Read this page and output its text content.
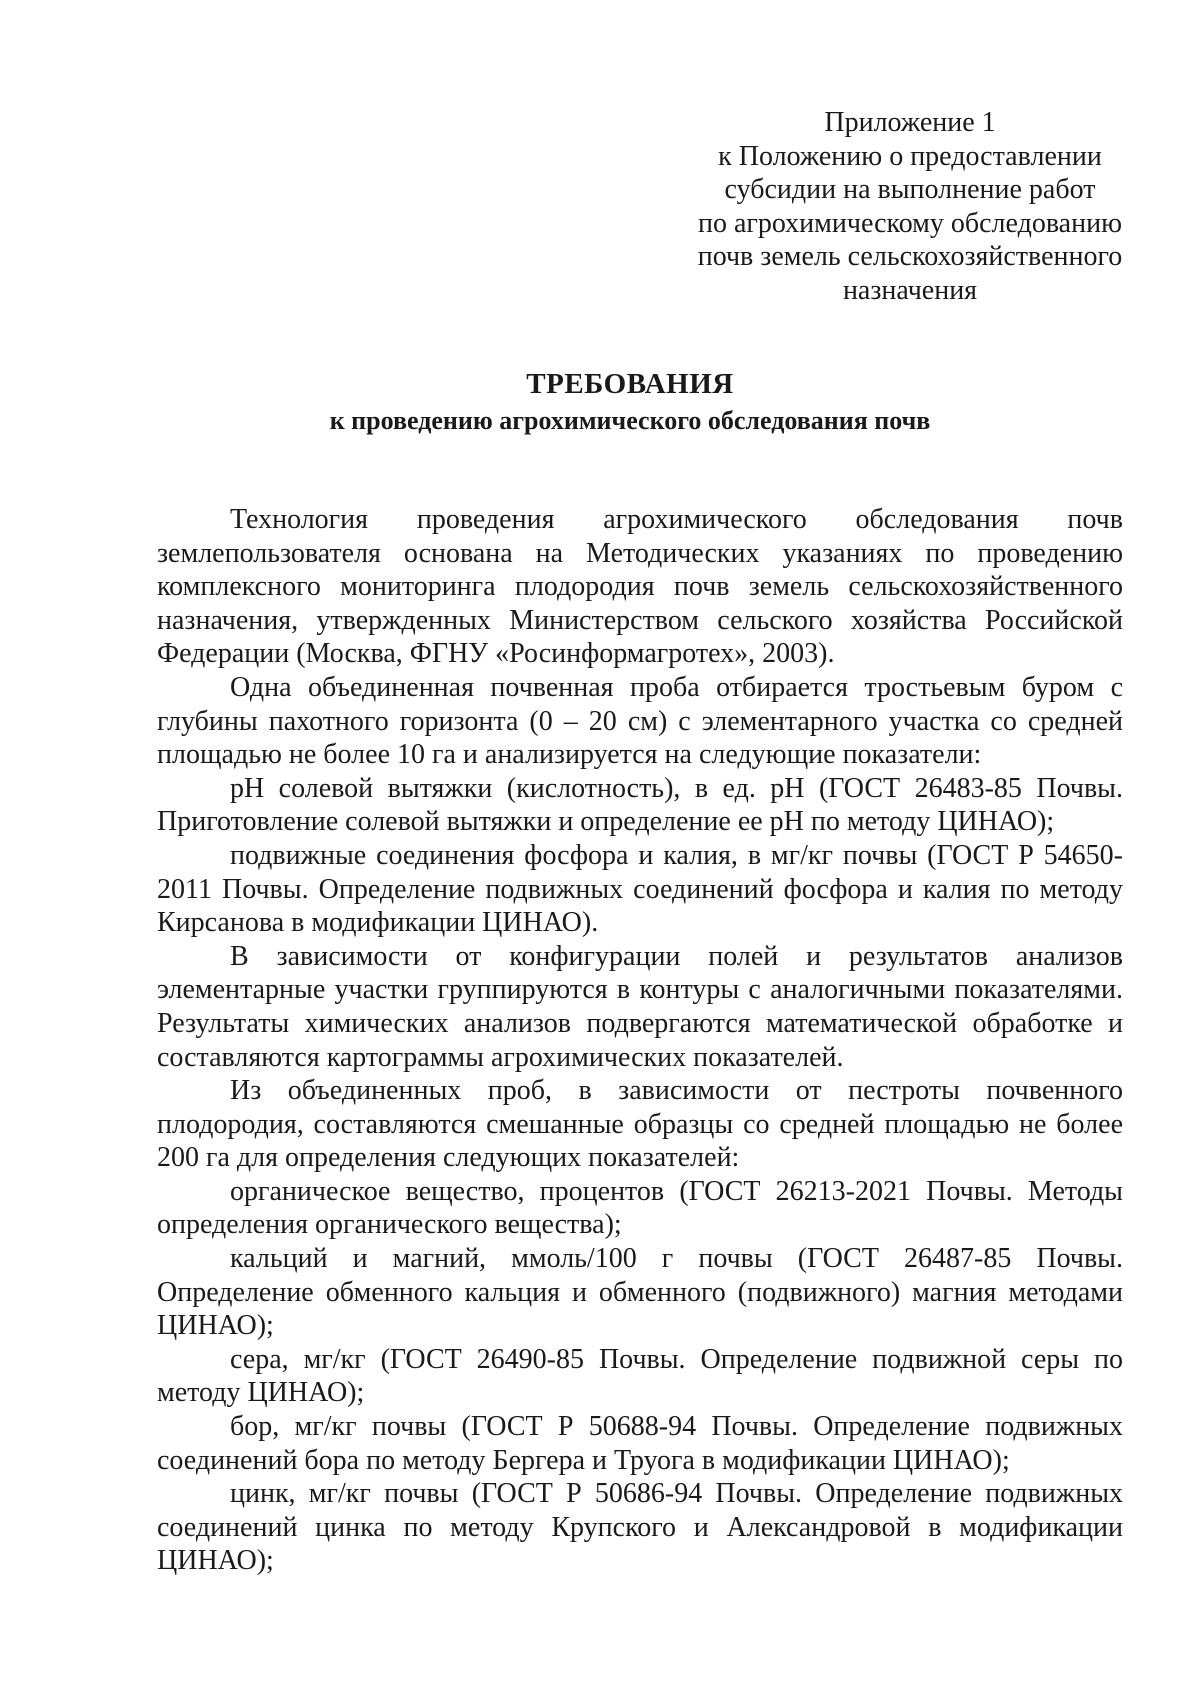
Приложение 1
к Положению о предоставлении
субсидии на выполнение работ
по агрохимическому обследованию
почв земель сельскохозяйственного
назначения
ТРЕБОВАНИЯ
к проведению агрохимического обследования почв

Технология проведения агрохимического обследования почв землепользователя основана на Методических указаниях по проведению комплексного мониторинга плодородия почв земель сельскохозяйственного назначения, утвержденных Министерством сельского хозяйства Российской Федерации (Москва, ФГНУ «Росинформагротех», 2003).

Одна объединенная почвенная проба отбирается тростьевым буром с глубины пахотного горизонта (0 – 20 см) с элементарного участка со средней площадью не более 10 га и анализируется на следующие показатели:

рН солевой вытяжки (кислотность), в ед. рН (ГОСТ 26483-85 Почвы. Приготовление солевой вытяжки и определение ее рН по методу ЦИНАО);

подвижные соединения фосфора и калия, в мг/кг почвы (ГОСТ Р 54650-2011 Почвы. Определение подвижных соединений фосфора и калия по методу Кирсанова в модификации ЦИНАО).

В зависимости от конфигурации полей и результатов анализов элементарные участки группируются в контуры с аналогичными показателями. Результаты химических анализов подвергаются математической обработке и составляются картограммы агрохимических показателей.

Из объединенных проб, в зависимости от пестроты почвенного плодородия, составляются смешанные образцы со средней площадью не более 200 га для определения следующих показателей:

органическое вещество, процентов (ГОСТ 26213-2021 Почвы. Методы определения органического вещества);

кальций и магний, ммоль/100 г почвы (ГОСТ 26487-85 Почвы. Определение обменного кальция и обменного (подвижного) магния методами ЦИНАО);

сера, мг/кг (ГОСТ 26490-85 Почвы. Определение подвижной серы по методу ЦИНАО);

бор, мг/кг почвы (ГОСТ Р 50688-94 Почвы. Определение подвижных соединений бора по методу Бергера и Труога в модификации ЦИНАО);

цинк, мг/кг почвы (ГОСТ Р 50686-94 Почвы. Определение подвижных соединений цинка по методу Крупского и Александровой в модификации ЦИНАО);
